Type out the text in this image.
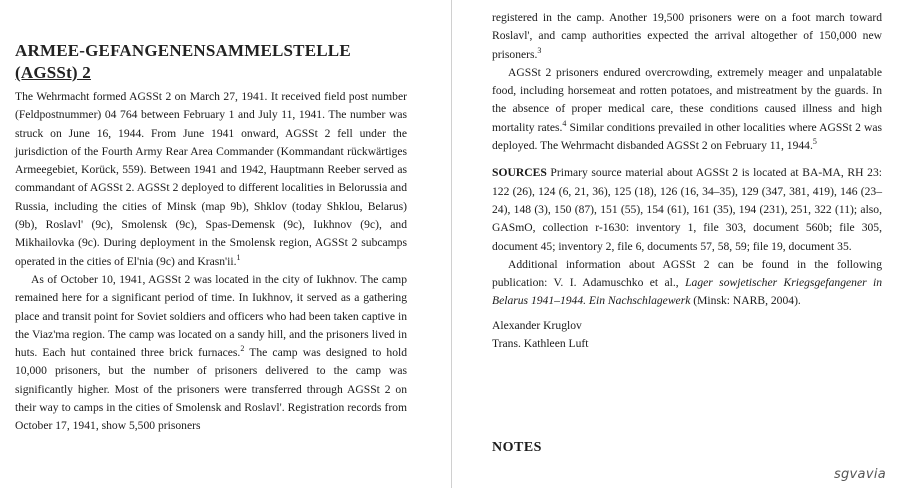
ARMEE-GEFANGENENSAMMELSTELLE
(AGSSt) 2

The Wehrmacht formed AGSSt 2 on March 27, 1941. It received field post number (Feldpostnummer) 04 764 between February 1 and July 11, 1941. The number was struck on June 16, 1944. From June 1941 onward, AGSSt 2 fell under the jurisdiction of the Fourth Army Rear Area Commander (Kommandant rückwärtiges Armeegebiet, Korück, 559). Between 1941 and 1942, Hauptmann Reeber served as commandant of AGSSt 2. AGSSt 2 deployed to different localities in Belorussia and Russia, including the cities of Minsk (map 9b), Shklov (today Shklou, Belarus) (9b), Roslavl' (9c), Smolensk (9c), Spas-Demensk (9c), Iukhnov (9c), and Mikhailovka (9c). During deployment in the Smolensk region, AGSSt 2 subcamps operated in the cities of El'nia (9c) and Krasn'ii.$^1$

As of October 10, 1941, AGSSt 2 was located in the city of Iukhnov. The camp remained here for a significant period of time. In Iukhnov, it served as a gathering place and transit point for Soviet soldiers and officers who had been taken captive in the Viaz'ma region. The camp was located on a sandy hill, and the prisoners lived in huts. Each hut contained three brick furnaces.$^2$ The camp was designed to hold 10,000 prisoners, but the number of prisoners delivered to the camp was significantly higher. Most of the prisoners were transferred through AGSSt 2 on their way to camps in the cities of Smolensk and Roslavl'. Registration records from October 17, 1941, show 5,500 prisoners

registered in the camp. Another 19,500 prisoners were on a foot march toward Roslavl', and camp authorities expected the arrival altogether of 150,000 new prisoners.$^3$

AGSSt 2 prisoners endured overcrowding, extremely meager and unpalatable food, including horsemeat and rotten potatoes, and mistreatment by the guards. In the absence of proper medical care, these conditions caused illness and high mortality rates.$^4$ Similar conditions prevailed in other localities where AGSSt 2 was deployed. The Wehrmacht disbanded AGSSt 2 on February 11, 1944.$^5$

SOURCES Primary source material about AGSSt 2 is located at BA-MA, RH 23: 122 (26), 124 (6, 21, 36), 125 (18), 126 (16, 34–35), 129 (347, 381, 419), 146 (23–24), 148 (3), 150 (87), 151 (55), 154 (61), 161 (35), 194 (231), 251, 322 (11); also, GASmO, collection r-1630: inventory 1, file 303, document 560b; file 305, document 45; inventory 2, file 6, documents 57, 58, 59; file 19, document 35.

Additional information about AGSSt 2 can be found in the following publication: V. I. Adamuschko et al., Lager sowjetischer Kriegsgefangener in Belarus 1941–1944. Ein Nachschlagewerk (Minsk: NARB, 2004).

Alexander Kruglov

Trans. Kathleen Luft

NOTES
sgvavia
